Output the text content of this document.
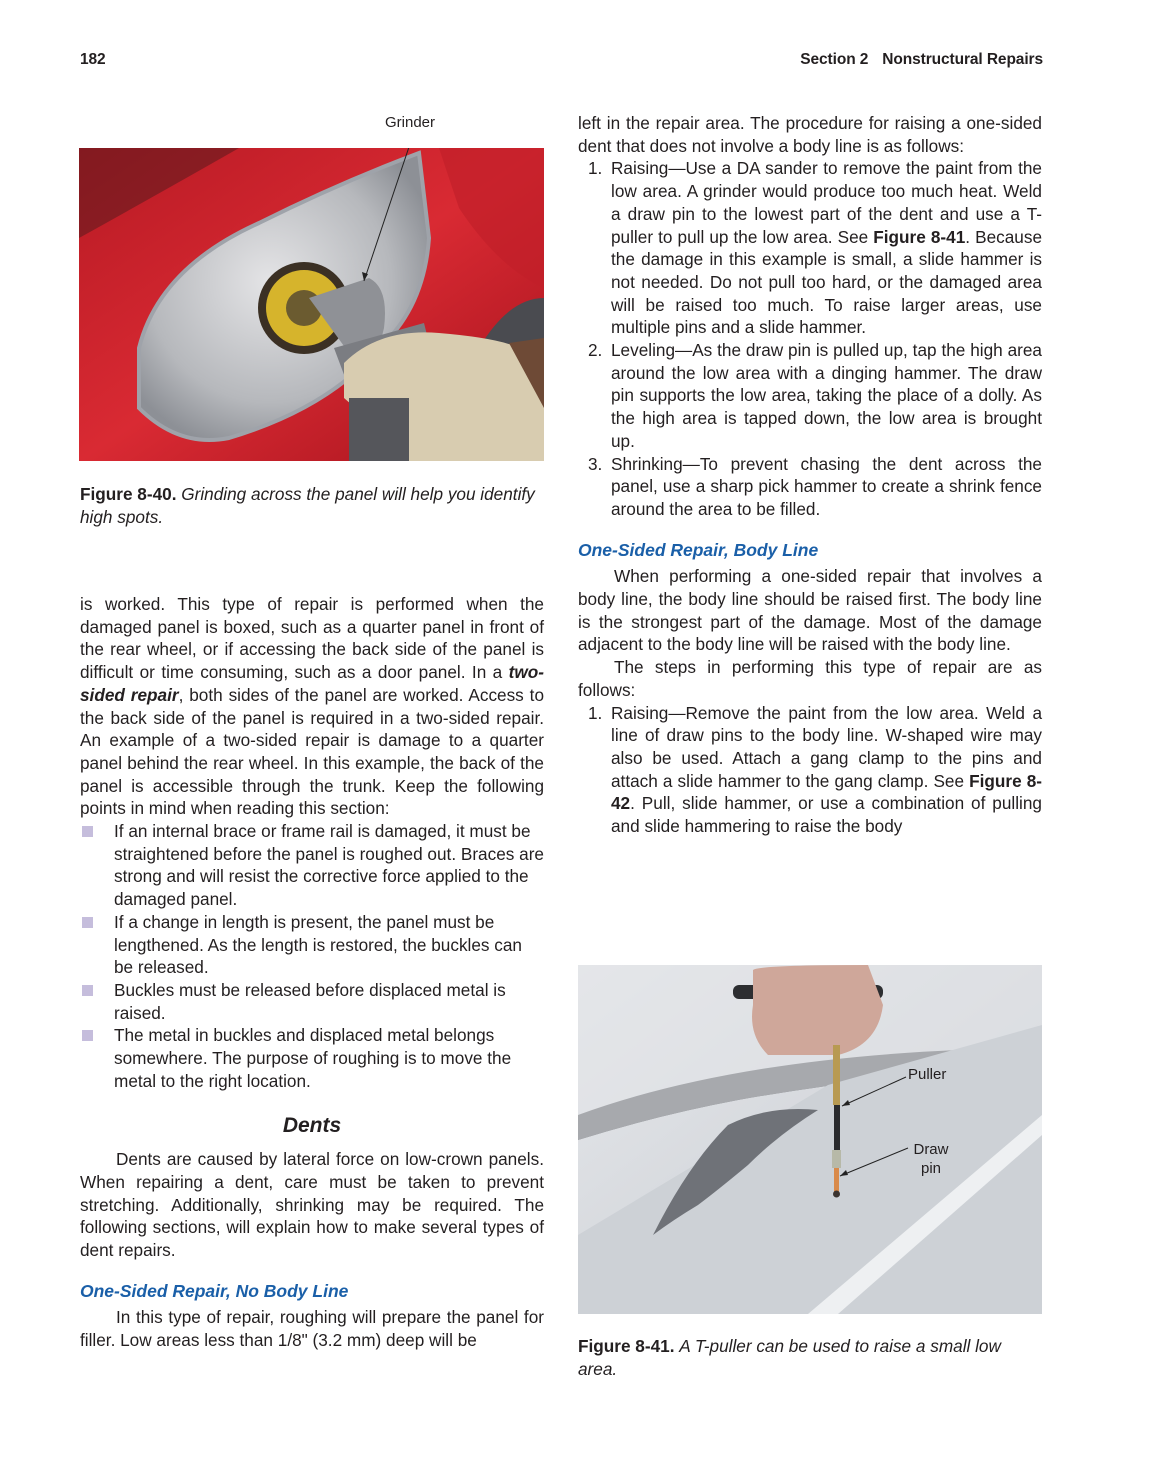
182	Section 2 Nonstructural Repairs
Grinder
Figure 8-40. Grinding across the panel will help you identify high spots.

is worked. This type of repair is performed when the damaged panel is boxed, such as a quarter panel in front of the rear wheel, or if accessing the back side of the panel is difficult or time consuming, such as a door panel. In a two-sided repair, both sides of the panel are worked. Access to the back side of the panel is required in a two-sided repair. An example of a two-sided repair is damage to a quarter panel behind the rear wheel. In this example, the back of the panel is accessible through the trunk. Keep the following points in mind when reading this section:

If an internal brace or frame rail is damaged, it must be straightened before the panel is roughed out. Braces are strong and will resist the corrective force applied to the damaged panel.
If a change in length is present, the panel must be lengthened. As the length is restored, the buckles can be released.
Buckles must be released before displaced metal is raised.
The metal in buckles and displaced metal belongs somewhere. The purpose of roughing is to move the metal to the right location.
Dents

Dents are caused by lateral force on low-crown panels. When repairing a dent, care must be taken to prevent stretching. Additionally, shrinking may be required. The following sections, will explain how to make several types of dent repairs.

One-Sided Repair, No Body Line

In this type of repair, roughing will prepare the panel for filler. Low areas less than 1/8" (3.2 mm) deep will be

left in the repair area. The procedure for raising a one-sided dent that does not involve a body line is as follows:

1. Raising—Use a DA sander to remove the paint from the low area. A grinder would produce too much heat. Weld a draw pin to the lowest part of the dent and use a T-puller to pull up the low area. See Figure 8-41. Because the damage in this example is small, a slide hammer is not needed. Do not pull too hard, or the damaged area will be raised too much. To raise larger areas, use multiple pins and a slide hammer.
2. Leveling—As the draw pin is pulled up, tap the high area around the low area with a dinging hammer. The draw pin supports the low area, taking the place of a dolly. As the high area is tapped down, the low area is brought up.
3. Shrinking—To prevent chasing the dent across the panel, use a sharp pick hammer to create a shrink fence around the area to be filled.
One-Sided Repair, Body Line

When performing a one-sided repair that involves a body line, the body line should be raised first. The body line is the strongest part of the damage. Most of the damage adjacent to the body line will be raised with the body line.

The steps in performing this type of repair are as follows:

1. Raising—Remove the paint from the low area. Weld a line of draw pins to the body line. W-shaped wire may also be used. Attach a gang clamp to the pins and attach a slide hammer to the gang clamp. See Figure 8-42. Pull, slide hammer, or use a combination of pulling and slide hammering to raise the body
Puller
Draw
pin
Figure 8-41. A T-puller can be used to raise a small low area.
